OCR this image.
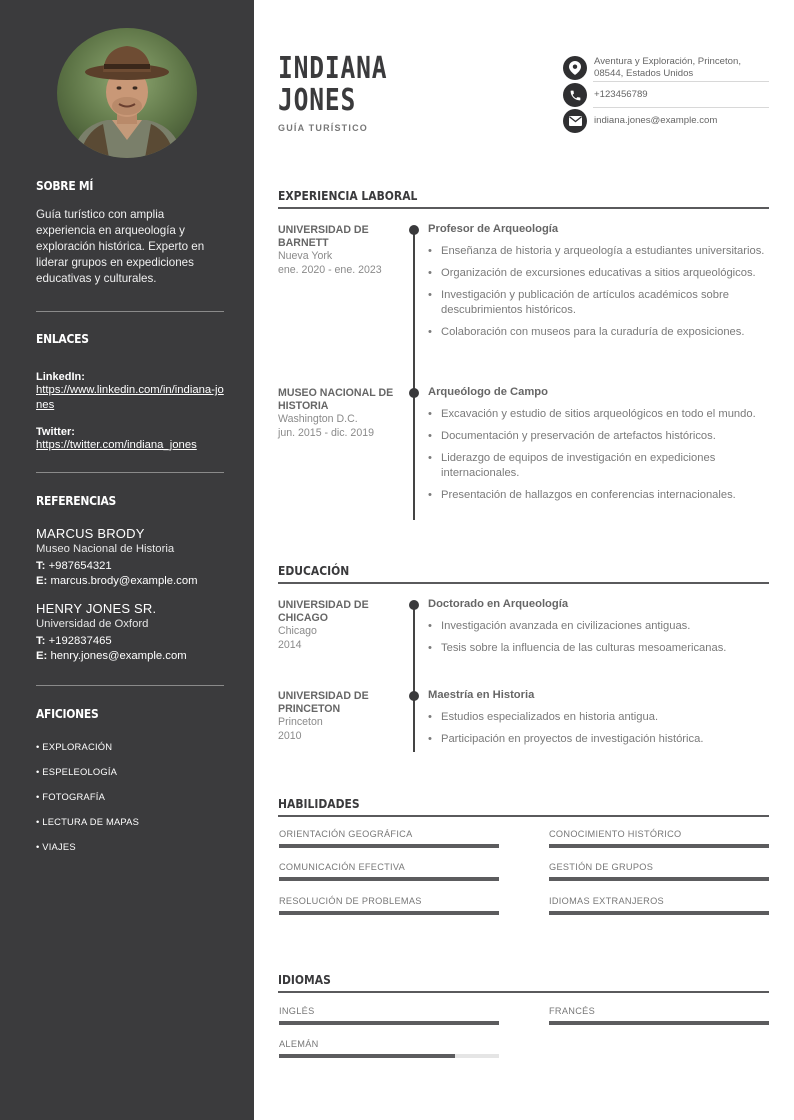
SOBRE MÍ
Guía turístico con amplia experiencia en arqueología y exploración histórica. Experto en liderar grupos en expediciones educativas y culturales.
ENLACES
LinkedIn:
https://www.linkedin.com/in/indiana-jones
Twitter:
https://twitter.com/indiana_jones
REFERENCIAS
MARCUS BRODY
Museo Nacional de Historia
T: +987654321
E: marcus.brody@example.com
HENRY JONES SR.
Universidad de Oxford
T: +192837465
E: henry.jones@example.com
AFICIONES
• EXPLORACIÓN
• ESPELEOLOGÍA
• FOTOGRAFÍA
• LECTURA DE MAPAS
• VIAJES
INDIANA
JONES
GUÍA TURÍSTICO
Aventura y Exploración, Princeton, 08544, Estados Unidos
+123456789
indiana.jones@example.com
EXPERIENCIA LABORAL
UNIVERSIDAD DE BARNETT
Nueva York
ene. 2020 - ene. 2023
Profesor de Arqueología
• Enseñanza de historia y arqueología a estudiantes universitarios.
• Organización de excursiones educativas a sitios arqueológicos.
• Investigación y publicación de artículos académicos sobre descubrimientos históricos.
• Colaboración con museos para la curaduría de exposiciones.
MUSEO NACIONAL DE HISTORIA
Washington D.C.
jun. 2015 - dic. 2019
Arqueólogo de Campo
• Excavación y estudio de sitios arqueológicos en todo el mundo.
• Documentación y preservación de artefactos históricos.
• Liderazgo de equipos de investigación en expediciones internacionales.
• Presentación de hallazgos en conferencias internacionales.
EDUCACIÓN
UNIVERSIDAD DE CHICAGO
Chicago
2014
Doctorado en Arqueología
• Investigación avanzada en civilizaciones antiguas.
• Tesis sobre la influencia de las culturas mesoamericanas.
UNIVERSIDAD DE PRINCETON
Princeton
2010
Maestría en Historia
• Estudios especializados en historia antigua.
• Participación en proyectos de investigación histórica.
HABILIDADES
ORIENTACIÓN GEOGRÁFICA	CONOCIMIENTO HISTÓRICO
COMUNICACIÓN EFECTIVA	GESTIÓN DE GRUPOS
RESOLUCIÓN DE PROBLEMAS	IDIOMAS EXTRANJEROS
IDIOMAS
INGLÉS	FRANCÉS
ALEMÁN
